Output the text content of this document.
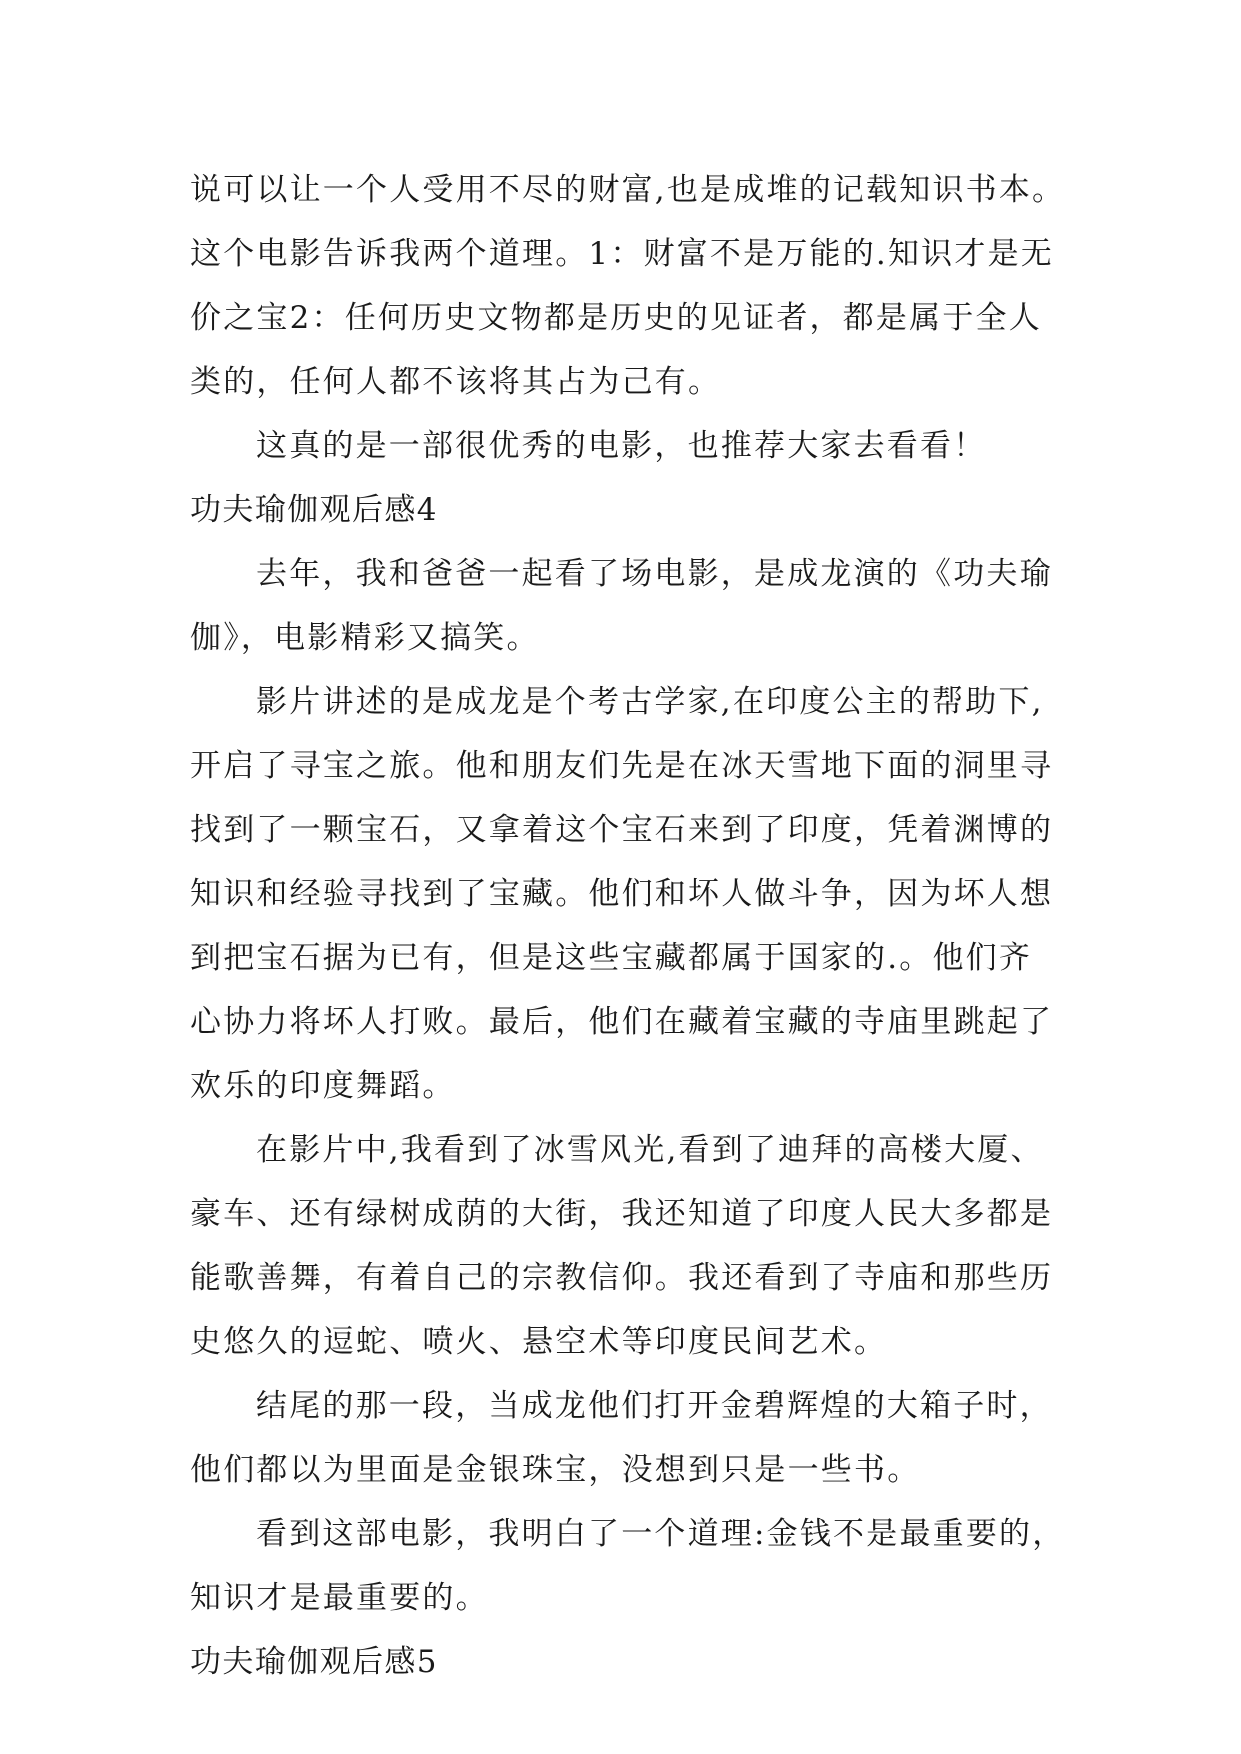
说可以让一个人受用不尽的财富,也是成堆的记载知识书本。
这个电影告诉我两个道理。1：财富不是万能的.知识才是无
价之宝2：任何历史文物都是历史的见证者，都是属于全人
类的，任何人都不该将其占为己有。
这真的是一部很优秀的电影，也推荐大家去看看！
功夫瑜伽观后感4
去年，我和爸爸一起看了场电影，是成龙演的《功夫瑜
伽》，电影精彩又搞笑。
影片讲述的是成龙是个考古学家,在印度公主的帮助下,
开启了寻宝之旅。他和朋友们先是在冰天雪地下面的洞里寻
找到了一颗宝石，又拿着这个宝石来到了印度，凭着渊博的
知识和经验寻找到了宝藏。他们和坏人做斗争，因为坏人想
到把宝石据为已有，但是这些宝藏都属于国家的.。他们齐
心协力将坏人打败。最后，他们在藏着宝藏的寺庙里跳起了
欢乐的印度舞蹈。
在影片中,我看到了冰雪风光,看到了迪拜的高楼大厦、
豪车、还有绿树成荫的大街，我还知道了印度人民大多都是
能歌善舞，有着自己的宗教信仰。我还看到了寺庙和那些历
史悠久的逗蛇、喷火、悬空术等印度民间艺术。
结尾的那一段，当成龙他们打开金碧辉煌的大箱子时，
他们都以为里面是金银珠宝，没想到只是一些书。
看到这部电影，我明白了一个道理:金钱不是最重要的，
知识才是最重要的。
功夫瑜伽观后感5
